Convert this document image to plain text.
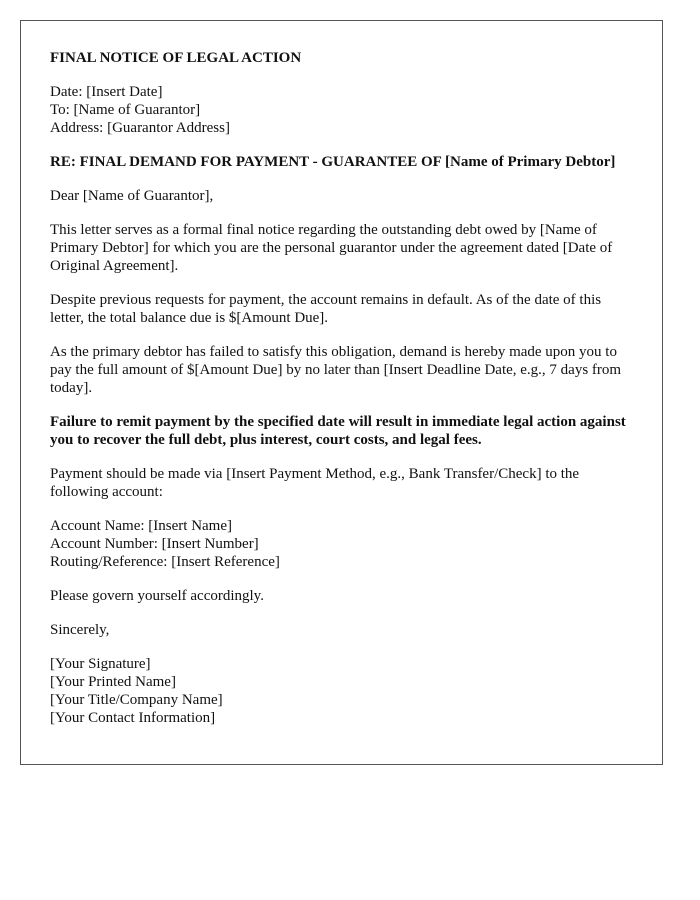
FINAL NOTICE OF LEGAL ACTION

Date: [Insert Date]
To: [Name of Guarantor]
Address: [Guarantor Address]

RE: FINAL DEMAND FOR PAYMENT - GUARANTEE OF [Name of Primary Debtor]

Dear [Name of Guarantor],

This letter serves as a formal final notice regarding the outstanding debt owed by [Name of Primary Debtor] for which you are the personal guarantor under the agreement dated [Date of Original Agreement].

Despite previous requests for payment, the account remains in default. As of the date of this letter, the total balance due is $[Amount Due].

As the primary debtor has failed to satisfy this obligation, demand is hereby made upon you to pay the full amount of $[Amount Due] by no later than [Insert Deadline Date, e.g., 7 days from today].

Failure to remit payment by the specified date will result in immediate legal action against you to recover the full debt, plus interest, court costs, and legal fees.

Payment should be made via [Insert Payment Method, e.g., Bank Transfer/Check] to the following account:

Account Name: [Insert Name]
Account Number: [Insert Number]
Routing/Reference: [Insert Reference]

Please govern yourself accordingly.

Sincerely,

[Your Signature]
[Your Printed Name]
[Your Title/Company Name]
[Your Contact Information]
